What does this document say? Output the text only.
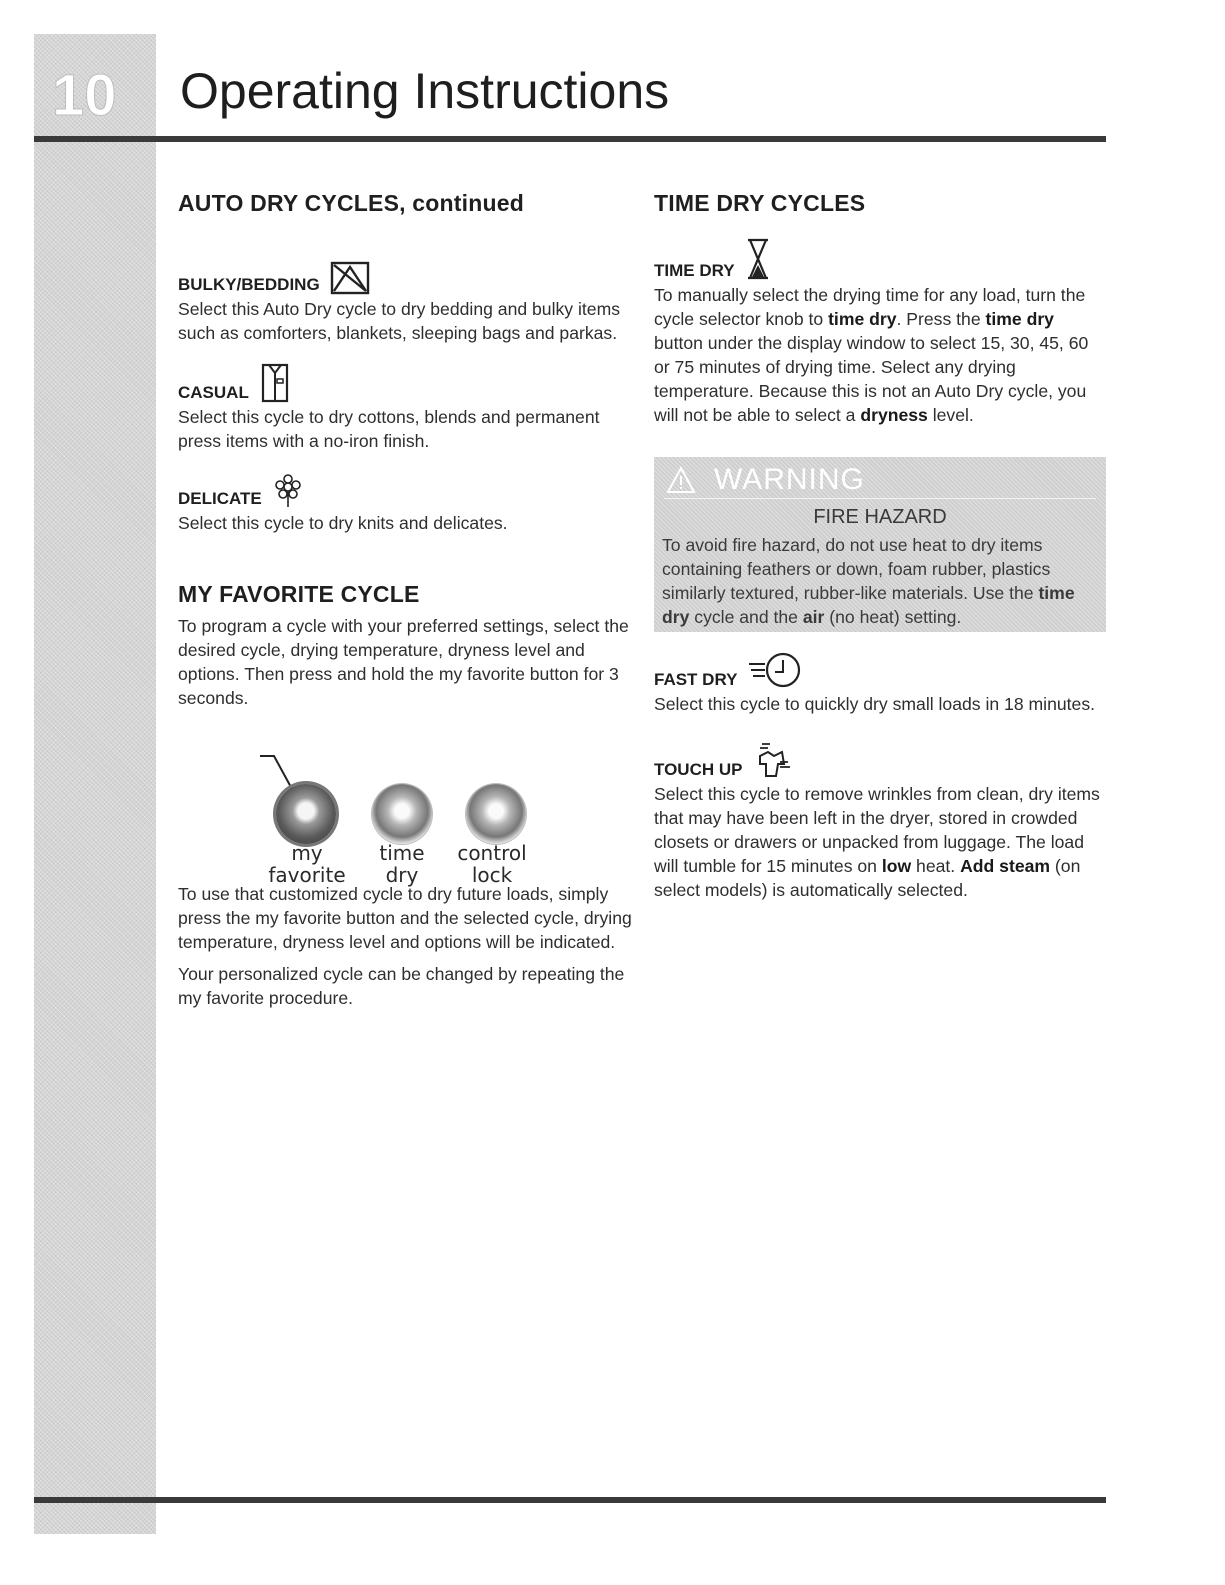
10 Operating Instructions
AUTO DRY CYCLES, continued
BULKY/BEDDING

Select this Auto Dry cycle to dry bedding and bulky items such as comforters, blankets, sleeping bags and parkas.

CASUAL

Select this cycle to dry cottons, blends and permanent press items with a no-iron finish.

DELICATE

Select this cycle to dry knits and delicates.

MY FAVORITE CYCLE

To program a cycle with your preferred settings, select the desired cycle, drying temperature, dryness level and options. Then press and hold the my favorite button for 3 seconds.

To use that customized cycle to dry future loads, simply press the my favorite button and the selected cycle, drying temperature, dryness level and options will be indicated.

Your personalized cycle can be changed by repeating the my favorite procedure.

my
favorite
time
dry
control
lock
TIME DRY CYCLES
TIME DRY

To manually select the drying time for any load, turn the cycle selector knob to time dry. Press the time dry button under the display window to select 15, 30, 45, 60 or 75 minutes of drying time. Select any drying temperature. Because this is not an Auto Dry cycle, you will not be able to select a dryness level.

WARNING
FIRE HAZARD
To avoid fire hazard, do not use heat to dry items containing feathers or down, foam rubber, plastics similarly textured, rubber-like materials. Use the time dry cycle and the air (no heat) setting.
FAST DRY

Select this cycle to quickly dry small loads in 18 minutes.

TOUCH UP

Select this cycle to remove wrinkles from clean, dry items that may have been left in the dryer, stored in crowded closets or drawers or unpacked from luggage. The load will tumble for 15 minutes on low heat. Add steam (on select models) is automatically selected.
